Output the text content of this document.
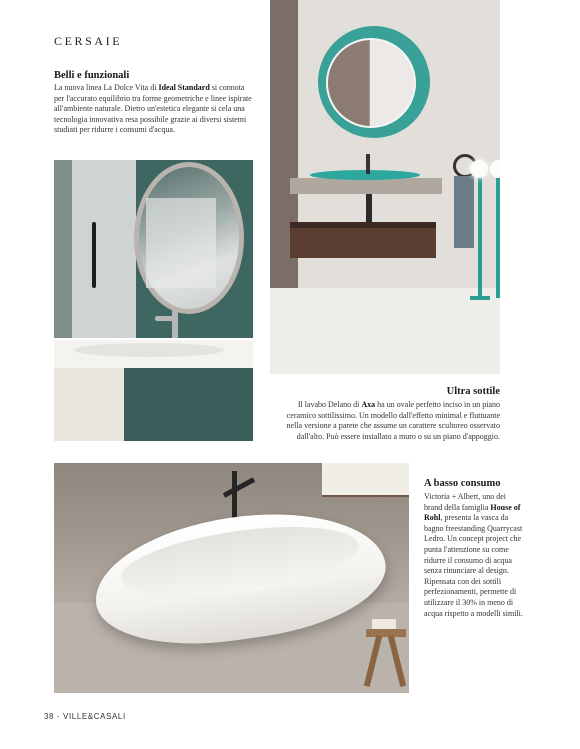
CERSAIE
Belli e funzionali

La nuova linea La Dolce Vita di Ideal Standard si connota per l'accurato equilibrio tra forme geometriche e linee ispirate all'ambiente naturale. Dietro un'estetica elegante si cela una tecnologia innovativa resa possibile grazie ai diversi sistemi studiati per ridurre i consumi d'acqua.

Ultra sottile

Il lavabo Delano di Axa ha un ovale perfetto inciso in un piano ceramico sottilissimo. Un modello dall'effetto minimal e fluttuante nella versione a parete che assume un carattere scultoreo osservato dall'alto. Può essere installato a muro o su un piano d'appoggio.

A basso consumo

Victoria + Albert, uno dei brand della famiglia House of Rohl, presenta la vasca da bagno freestanding Quarrycast Ledro. Un concept project che punta l'attenzione su come ridurre il consumo di acqua senza rinunciare al design. Ripensata con dei sottili perfezionamenti, permette di utilizzare il 30% in meno di acqua rispetto a modelli simili.

38 · VILLE&CASALI
